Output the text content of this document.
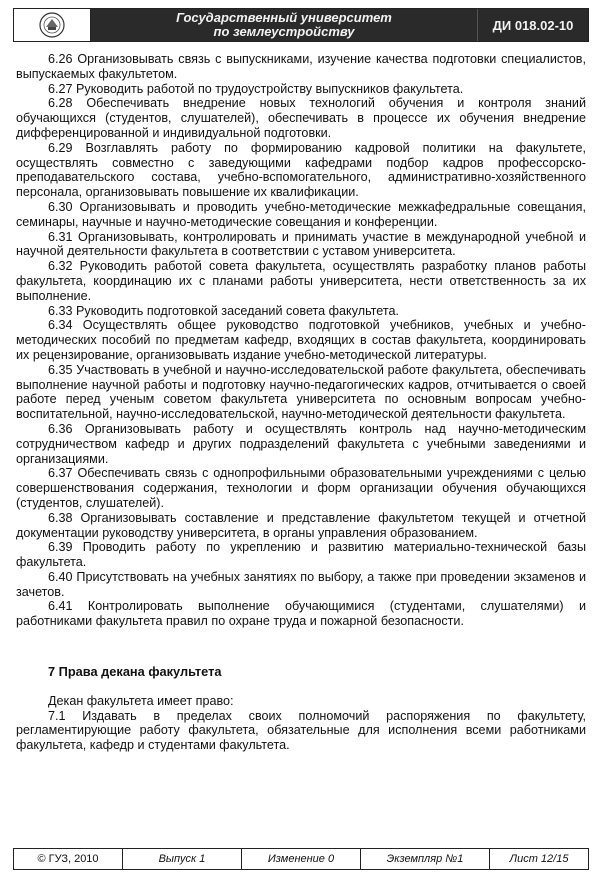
Государственный университет
по землеустройству	ДИ 018.02-10

6.26 Организовывать связь с выпускниками, изучение качества подготовки специалистов, выпускаемых факультетом.

6.27 Руководить работой по трудоустройству выпускников факультета.

6.28 Обеспечивать внедрение новых технологий обучения и контроля знаний обучающихся (студентов, слушателей), обеспечивать в процессе их обучения внедрение дифференцированной и индивидуальной подготовки.

6.29 Возглавлять работу по формированию кадровой политики на факультете, осуществлять совместно с заведующими кафедрами подбор кадров профессорско-преподавательского состава, учебно-вспомогательного, административно-хозяйственного персонала, организовывать повышение их квалификации.

6.30 Организовывать и проводить учебно-методические межкафедральные совещания, семинары, научные и научно-методические совещания и конференции.

6.31 Организовывать, контролировать и принимать участие в международной учебной и научной деятельности факультета в соответствии с уставом университета.

6.32 Руководить работой совета факультета, осуществлять разработку планов работы факультета, координацию их с планами работы университета, нести ответственность за их выполнение.

6.33 Руководить подготовкой заседаний совета факультета.

6.34 Осуществлять общее руководство подготовкой учебников, учебных и учебно-методических пособий по предметам кафедр, входящих в состав факультета, координировать их рецензирование, организовывать издание учебно-методической литературы.

6.35 Участвовать в учебной и научно-исследовательской работе факультета, обеспечивать выполнение научной работы и подготовку научно-педагогических кадров, отчитывается о своей работе перед ученым советом факультета университета по основным вопросам учебно-воспитательной, научно-исследовательской, научно-методической деятельности факультета.

6.36 Организовывать работу и осуществлять контроль над научно-методическим сотрудничеством кафедр и других подразделений факультета с учебными заведениями и организациями.

6.37 Обеспечивать связь с однопрофильными образовательными учреждениями с целью совершенствования содержания, технологии и форм организации обучения обучающихся (студентов, слушателей).

6.38 Организовывать составление и представление факультетом текущей и отчетной документации руководству университета, в органы управления образованием.

6.39 Проводить работу по укреплению и развитию материально-технической базы факультета.

6.40 Присутствовать на учебных занятиях по выбору, а также при проведении экзаменов и зачетов.

6.41 Контролировать выполнение обучающимися (студентами, слушателями) и работниками факультета правил по охране труда и пожарной безопасности.

7 Права декана факультета

Декан факультета имеет право:

7.1 Издавать в пределах своих полномочий распоряжения по факультету, регламентирующие работу факультета, обязательные для исполнения всеми работниками факультета, кафедр и студентами факультета.

© ГУЗ, 2010	Выпуск 1	Изменение 0	Экземпляр №1	Лист 12/15
